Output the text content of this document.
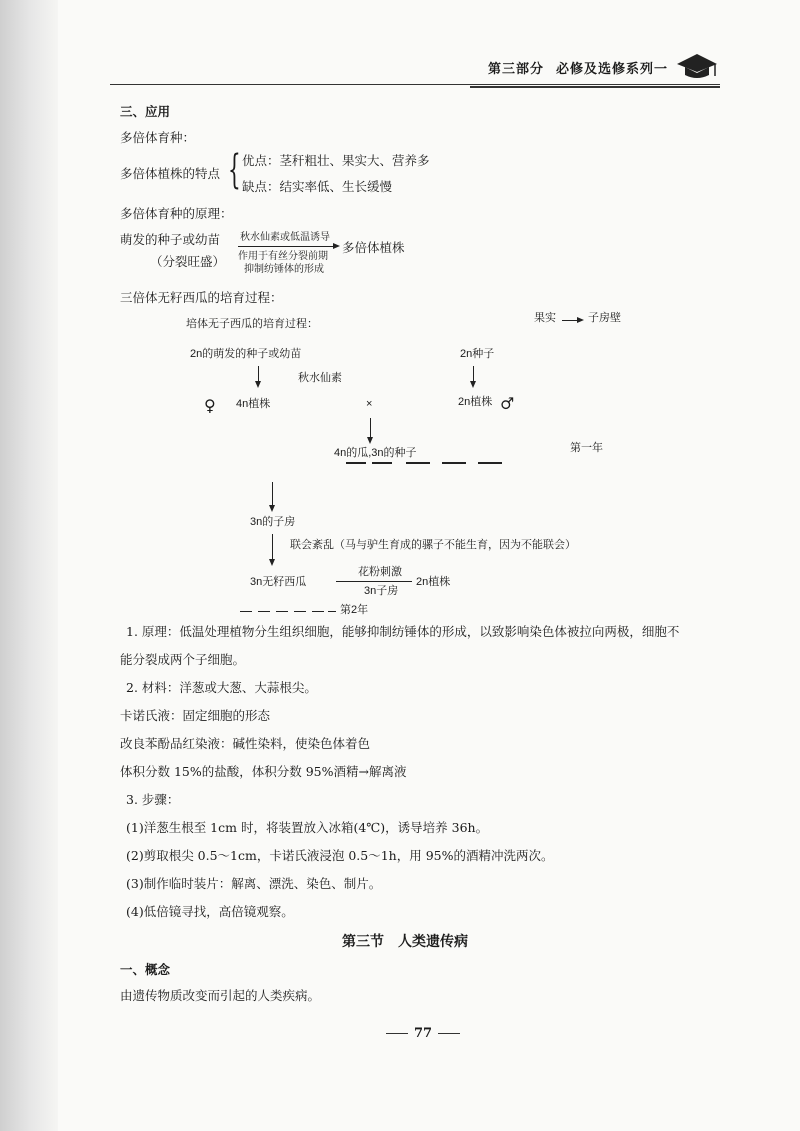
第三部分 必修及选修系列一
三、应用
多倍体育种：
多倍体植株的特点 { 优点：茎秆粗壮、果实大、营养多
缺点：结实率低、生长缓慢
多倍体育种的原理：
萌发的种子或幼苗
（分裂旺盛）
秋水仙素或低温诱导
作用于有丝分裂前期
抑制纺锤体的形成
多倍体植株
三倍体无籽西瓜的培育过程：
培体无子西瓜的培育过程：	果实	子房壁
2n的萌发的种子或幼苗	2n种子
秋水仙素
♀ 4n植株	×	2n植株 ♂
4n的瓜,3n的种子	第一年
3n的子房
联会紊乱（马与驴生育成的骡子不能生育，因为不能联会）
3n无籽西瓜
花粉刺激
3n子房
2n植株
第2年
1. 原理：低温处理植物分生组织细胞，能够抑制纺锤体的形成，以致影响染色体被拉向两极，细胞不
能分裂成两个子细胞。
2. 材料：洋葱或大葱、大蒜根尖。
卡诺氏液：固定细胞的形态
改良苯酚品红染液：碱性染料，使染色体着色
体积分数 15%的盐酸，体积分数 95%酒精→解离液
3. 步骤：
(1)洋葱生根至 1cm 时，将装置放入冰箱(4℃)，诱导培养 36h。
(2)剪取根尖 0.5～1cm，卡诺氏液浸泡 0.5～1h，用 95%的酒精冲洗两次。
(3)制作临时装片：解离、漂洗、染色、制片。
(4)低倍镜寻找，高倍镜观察。
第三节　人类遗传病
一、概念
由遗传物质改变而引起的人类疾病。
77
